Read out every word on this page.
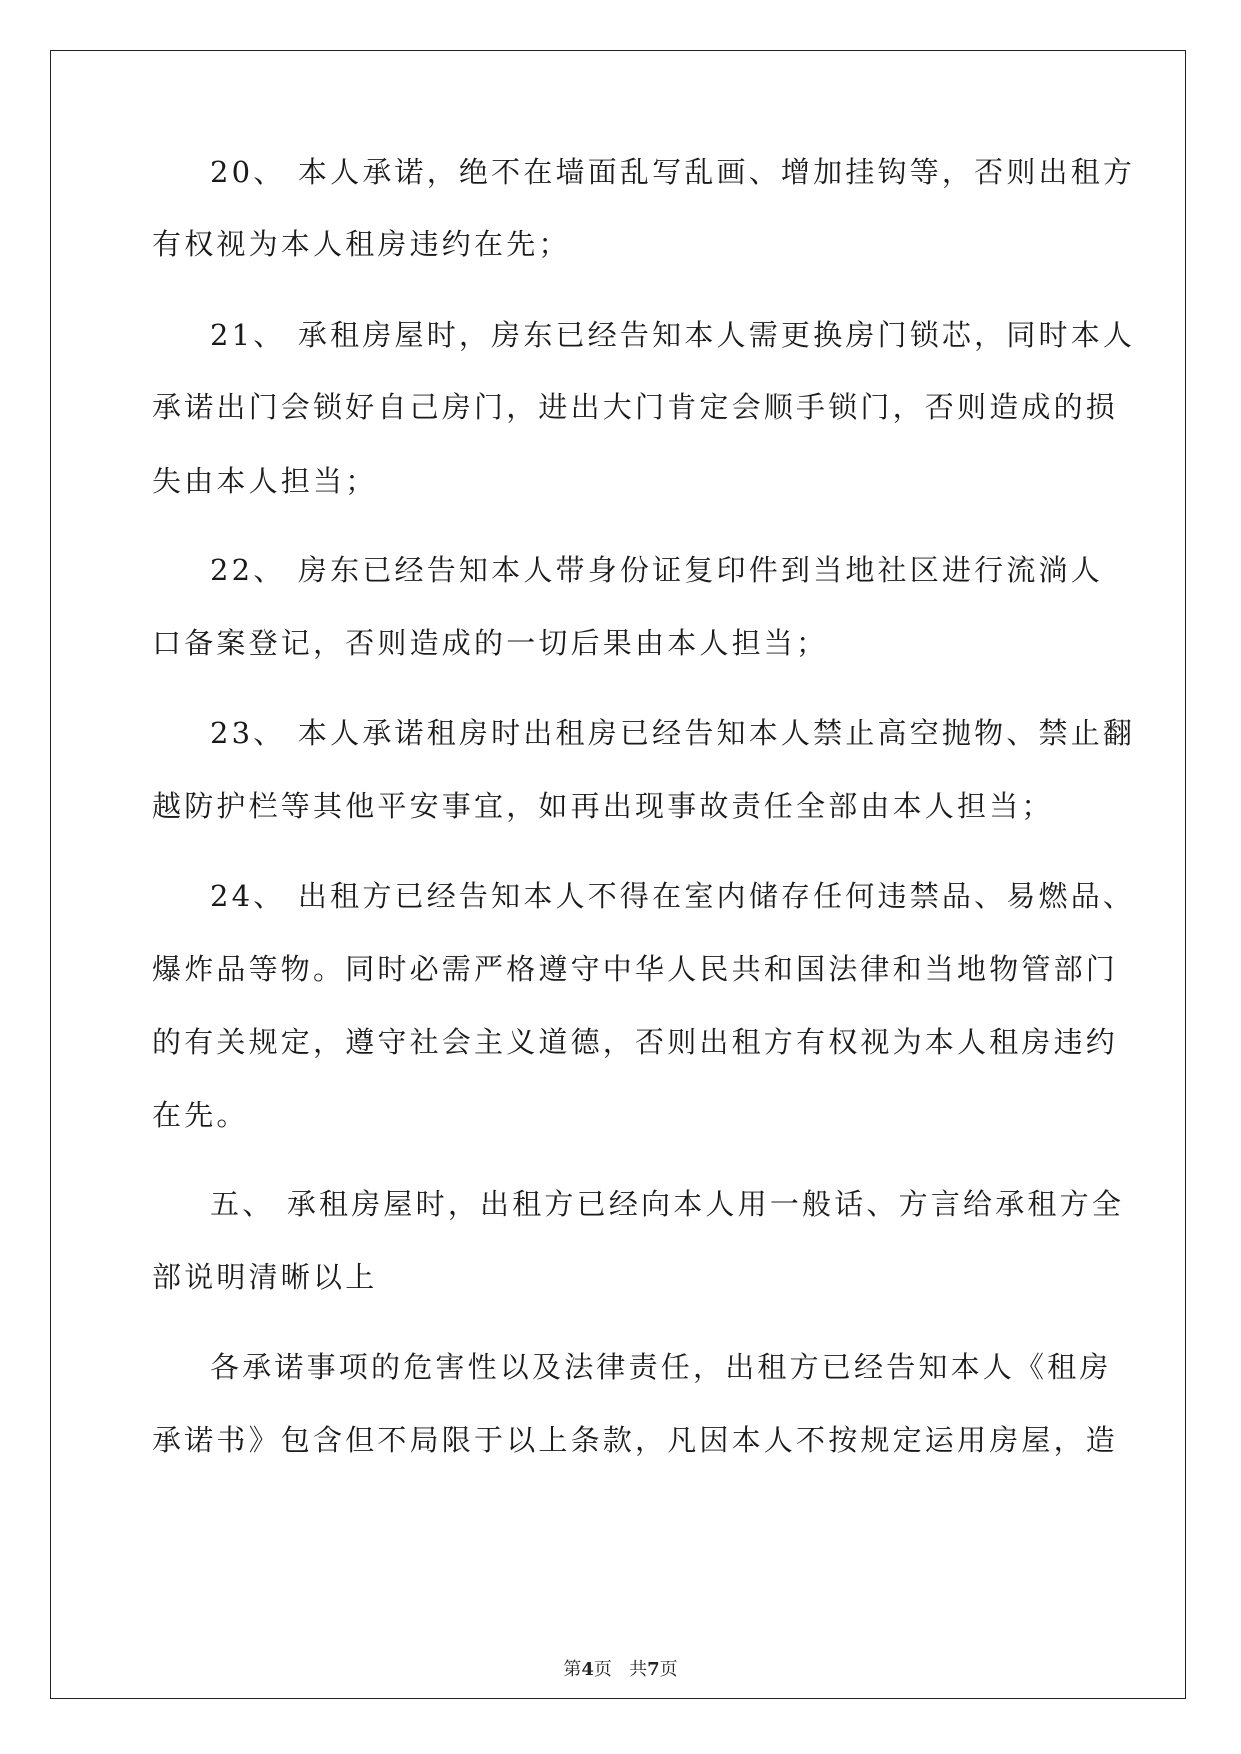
20、 本人承诺，绝不在墙面乱写乱画、增加挂钩等，否则出租方
有权视为本人租房违约在先；
21、 承租房屋时，房东已经告知本人需更换房门锁芯，同时本人
承诺出门会锁好自己房门，进出大门肯定会顺手锁门，否则造成的损
失由本人担当；
22、 房东已经告知本人带身份证复印件到当地社区进行流淌人
口备案登记，否则造成的一切后果由本人担当；
23、 本人承诺租房时出租房已经告知本人禁止高空抛物、禁止翻
越防护栏等其他平安事宜，如再出现事故责任全部由本人担当；
24、 出租方已经告知本人不得在室内储存任何违禁品、易燃品、
爆炸品等物。同时必需严格遵守中华人民共和国法律和当地物管部门
的有关规定，遵守社会主义道德，否则出租方有权视为本人租房违约
在先。
五、 承租房屋时，出租方已经向本人用一般话、方言给承租方全
部说明清晰以上
各承诺事项的危害性以及法律责任，出租方已经告知本人《租房
承诺书》包含但不局限于以上条款，凡因本人不按规定运用房屋，造
第4页 共7页
